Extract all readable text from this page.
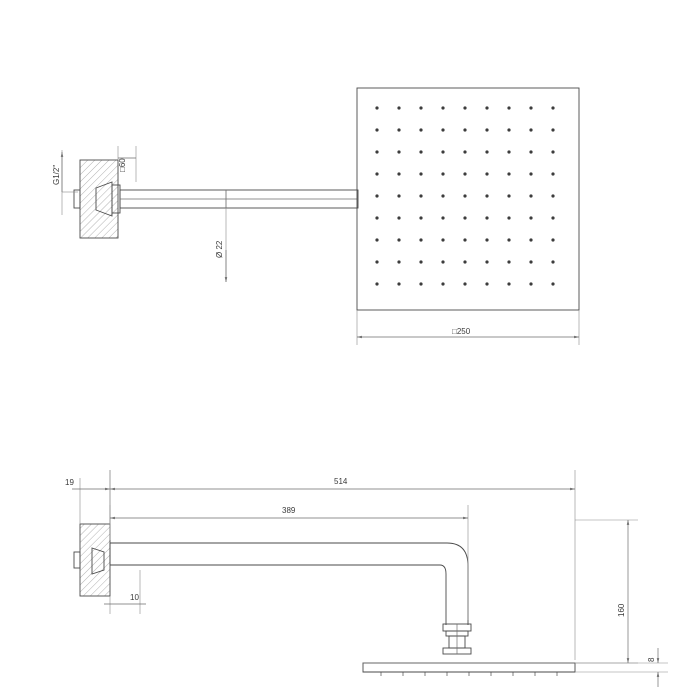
G1/2"	□60
Ø 22
□250
19	514
389
10
160
8
